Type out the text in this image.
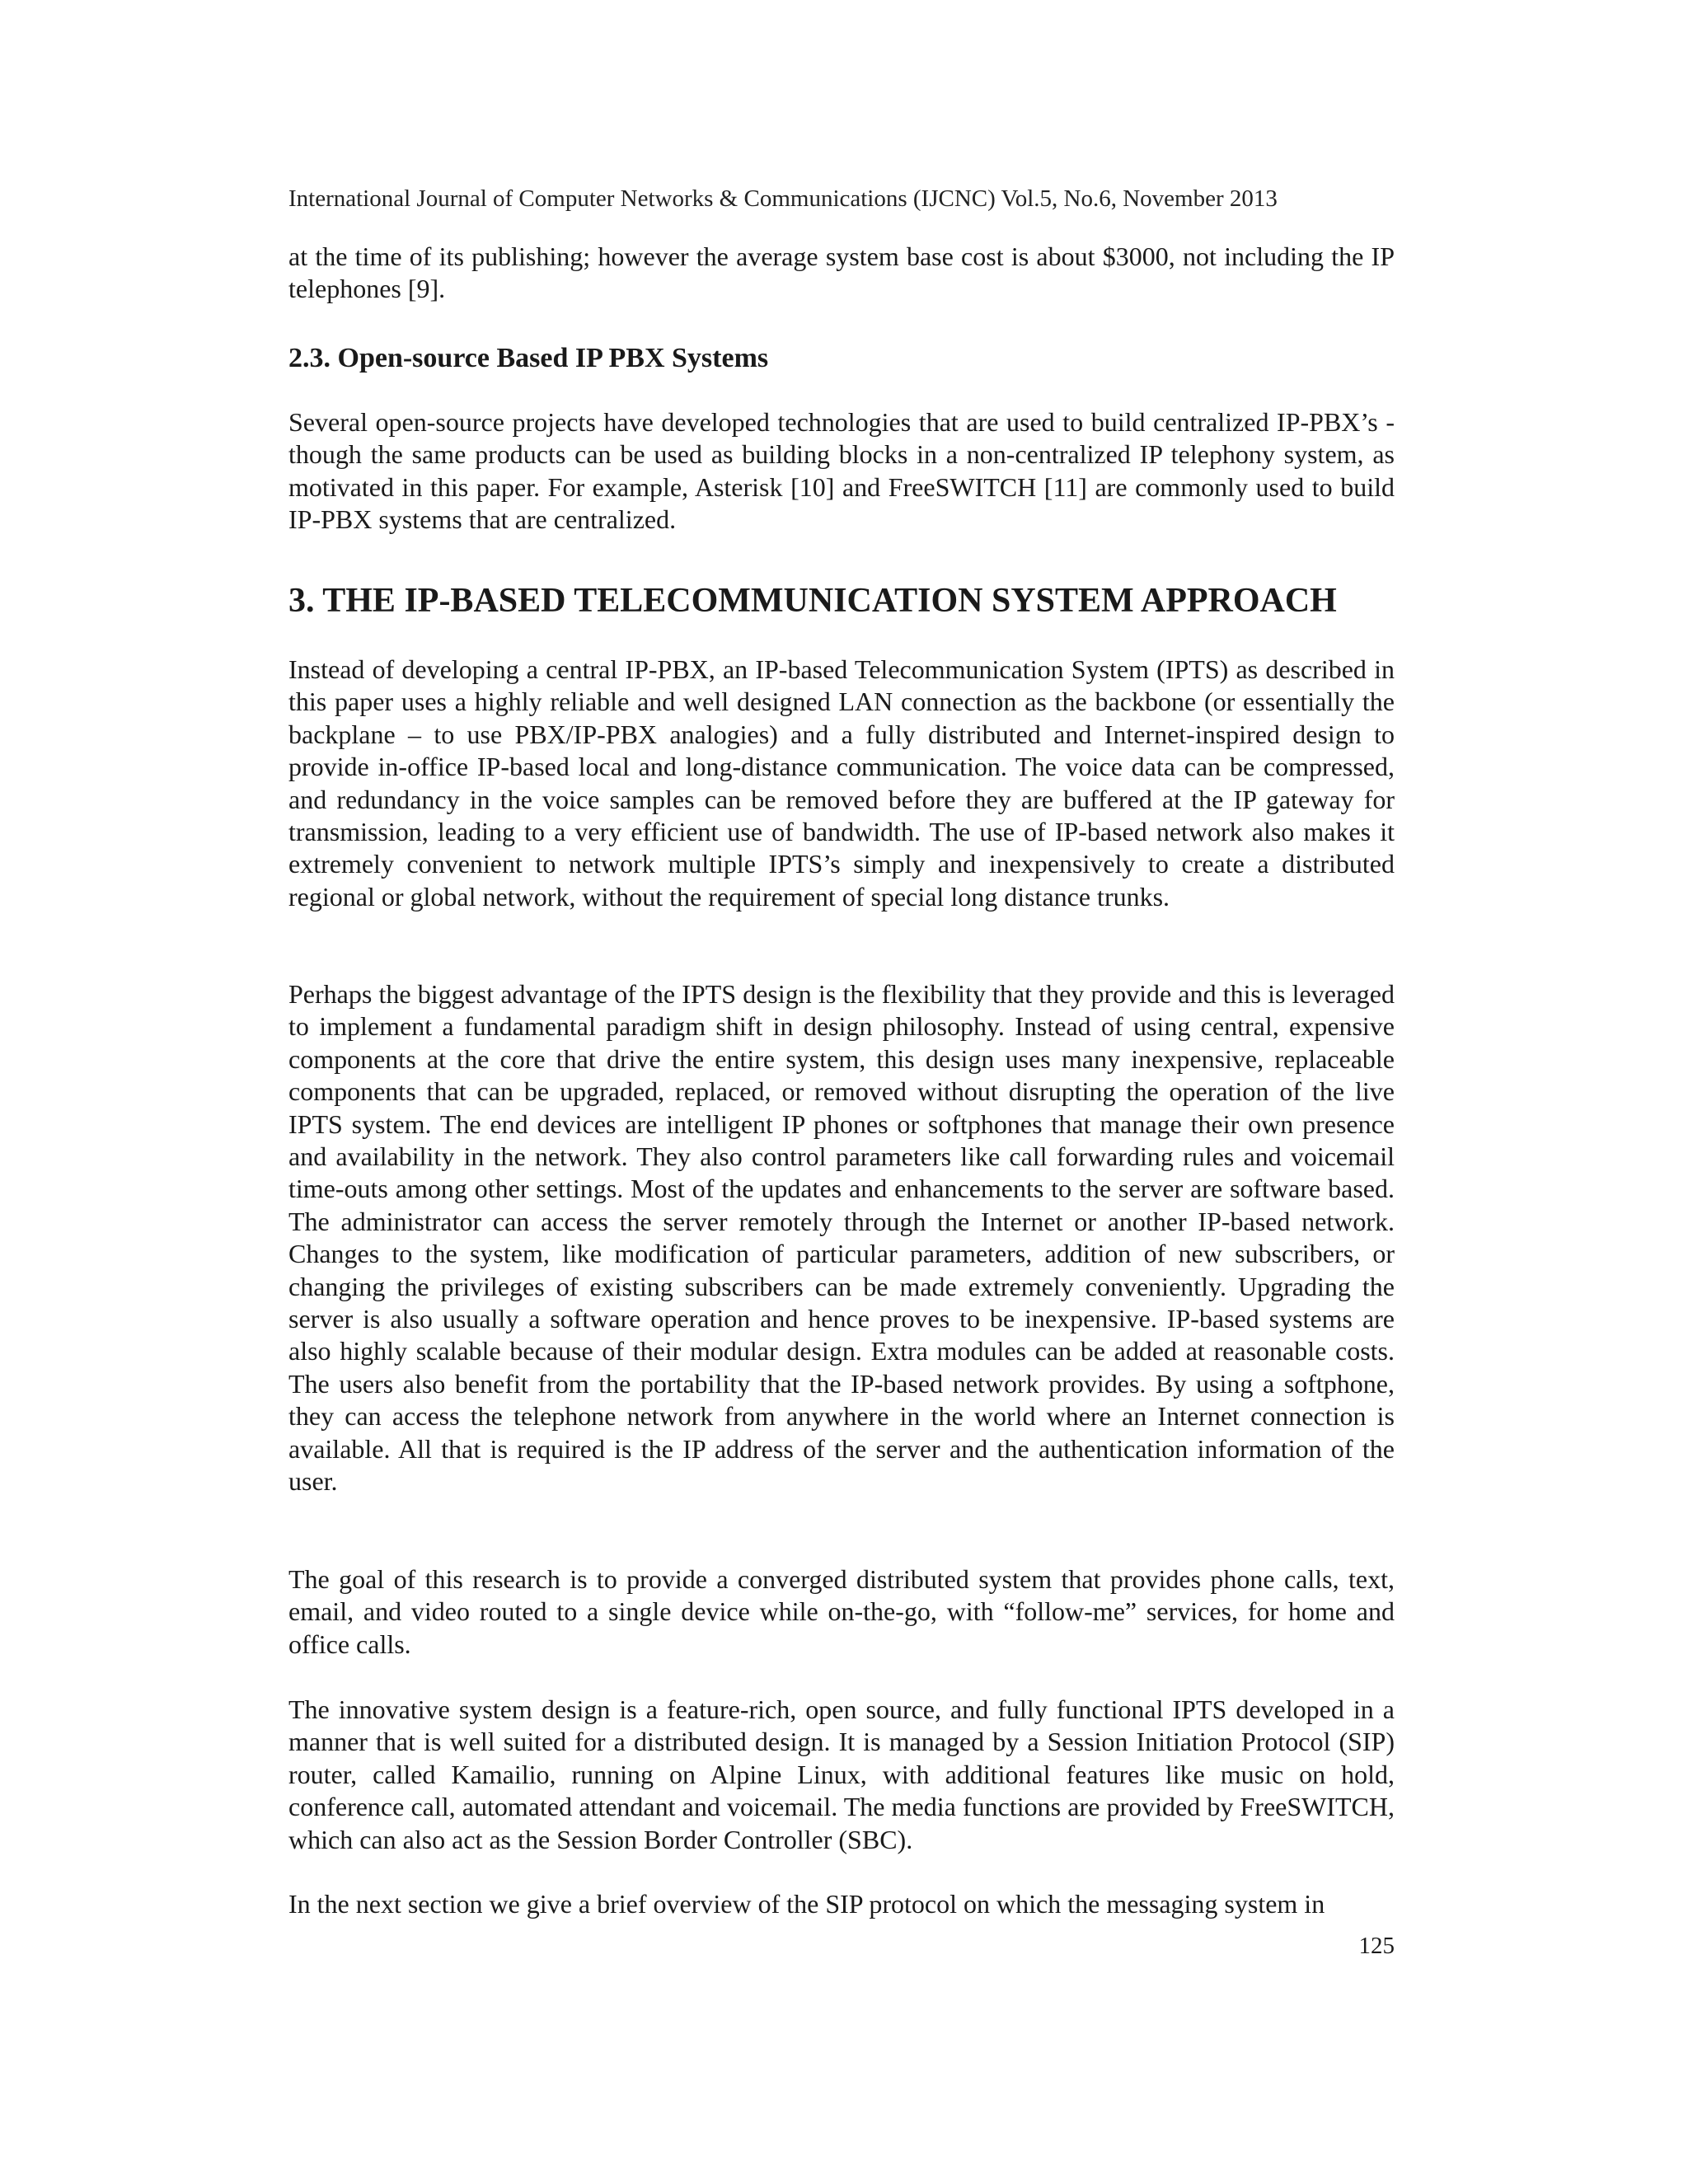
International Journal of Computer Networks & Communications (IJCNC) Vol.5, No.6, November 2013

at the time of its publishing; however the average system base cost is about $3000, not including the IP telephones [9].

2.3. Open-source Based IP PBX Systems

Several open-source projects have developed technologies that are used to build centralized IP-PBX’s - though the same products can be used as building blocks in a non-centralized IP telephony system, as motivated in this paper. For example, Asterisk [10] and FreeSWITCH [11] are commonly used to build IP-PBX systems that are centralized.

3. THE IP-BASED TELECOMMUNICATION SYSTEM APPROACH

Instead of developing a central IP-PBX, an IP-based Telecommunication System (IPTS) as described in this paper uses a highly reliable and well designed LAN connection as the backbone (or essentially the backplane – to use PBX/IP-PBX analogies) and a fully distributed and Internet-inspired design to provide in-office IP-based local and long-distance communication. The voice data can be compressed, and redundancy in the voice samples can be removed before they are buffered at the IP gateway for transmission, leading to a very efficient use of bandwidth. The use of IP-based network also makes it extremely convenient to network multiple IPTS’s simply and inexpensively to create a distributed regional or global network, without the requirement of special long distance trunks.

Perhaps the biggest advantage of the IPTS design is the flexibility that they provide and this is leveraged to implement a fundamental paradigm shift in design philosophy. Instead of using central, expensive components at the core that drive the entire system, this design uses many inexpensive, replaceable components that can be upgraded, replaced, or removed without disrupting the operation of the live IPTS system. The end devices are intelligent IP phones or softphones that manage their own presence and availability in the network. They also control parameters like call forwarding rules and voicemail time-outs among other settings. Most of the updates and enhancements to the server are software based. The administrator can access the server remotely through the Internet or another IP-based network. Changes to the system, like modification of particular parameters, addition of new subscribers, or changing the privileges of existing subscribers can be made extremely conveniently. Upgrading the server is also usually a software operation and hence proves to be inexpensive. IP-based systems are also highly scalable because of their modular design. Extra modules can be added at reasonable costs. The users also benefit from the portability that the IP-based network provides. By using a softphone, they can access the telephone network from anywhere in the world where an Internet connection is available. All that is required is the IP address of the server and the authentication information of the user.

The goal of this research is to provide a converged distributed system that provides phone calls, text, email, and video routed to a single device while on-the-go, with “follow-me” services, for home and office calls.

The innovative system design is a feature-rich, open source, and fully functional IPTS developed in a manner that is well suited for a distributed design. It is managed by a Session Initiation Protocol (SIP) router, called Kamailio, running on Alpine Linux, with additional features like music on hold, conference call, automated attendant and voicemail. The media functions are provided by FreeSWITCH, which can also act as the Session Border Controller (SBC).

In the next section we give a brief overview of the SIP protocol on which the messaging system in

125
